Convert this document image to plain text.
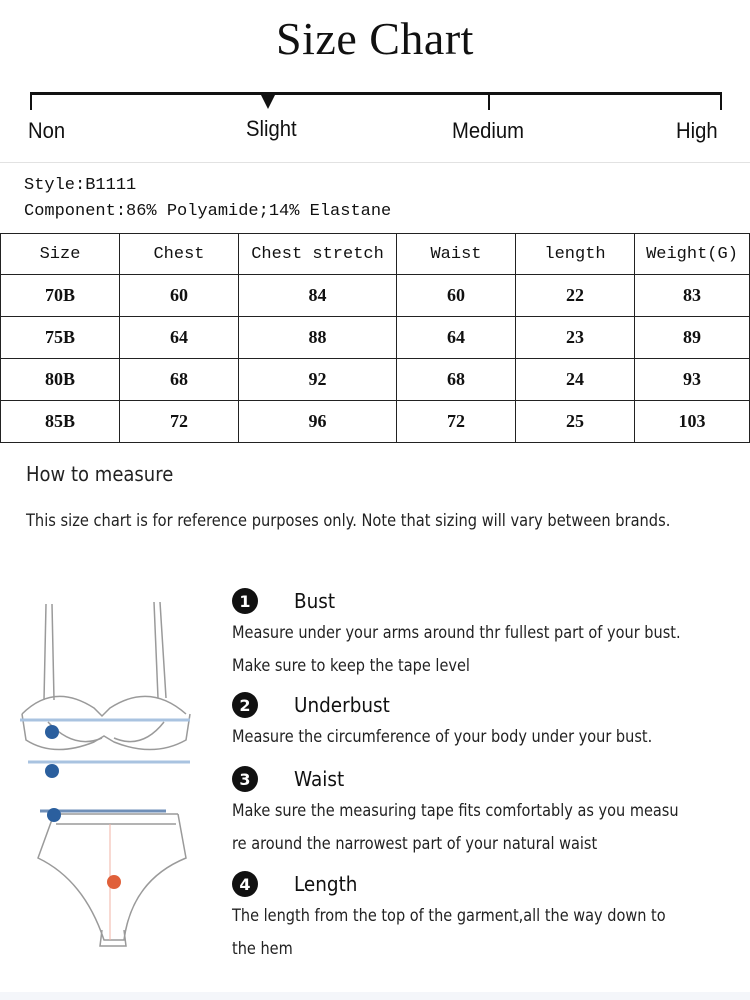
Size Chart
Non	Slight	Medium	High
Style:B1111
Component:86% Polyamide;14% Elastane
Size	Chest	Chest stretch	Waist	length	Weight(G)
70B	60	84	60	22	83
75B	64	88	64	23	89
80B	68	92	68	24	93
85B	72	96	72	25	103
How to measure
This size chart is for reference purposes only. Note that sizing will vary between brands.
1	Bust
Measure under your arms around thr fullest part of your bust.
Make sure to keep the tape level
2	Underbust
Measure the circumference of your body under your bust.
3	Waist
Make sure the measuring tape fits comfortably as you measu
re around the narrowest part of your natural waist
4	Length
The length from the top of the garment,all the way down to
the hem
